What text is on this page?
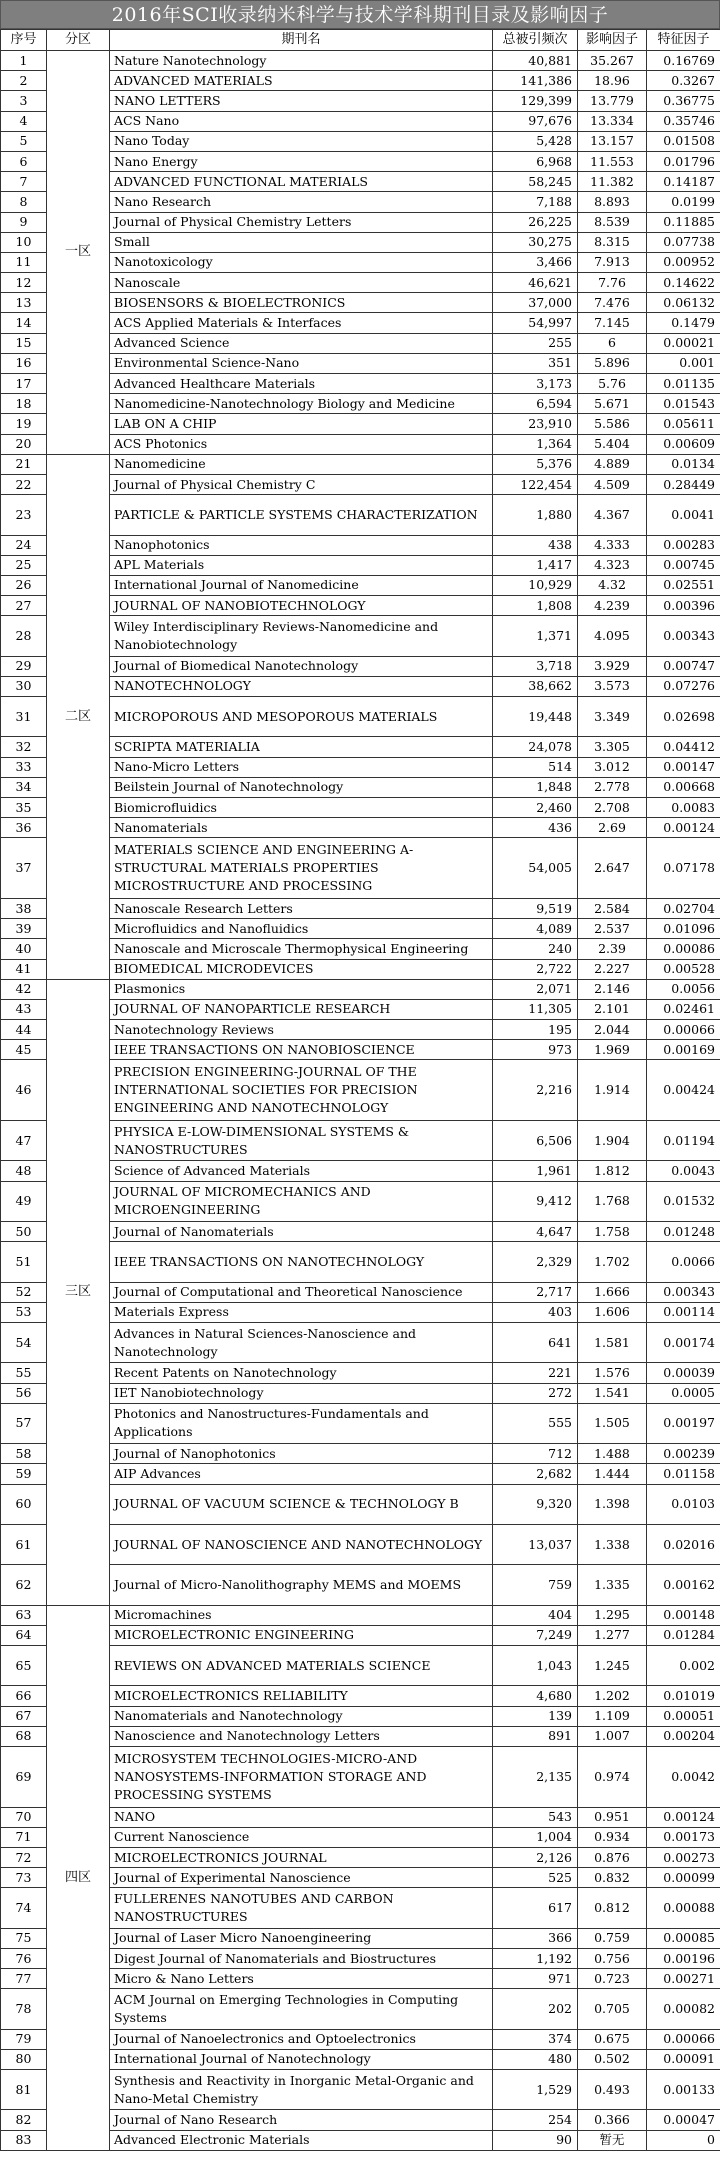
2016年SCI收录纳米科学与技术学科期刊目录及影响因子
序号	分区	期刊名	总被引频次	影响因子	特征因子
1	一区	Nature Nanotechnology	40,881	35.267	0.16769
2		ADVANCED MATERIALS	141,386	18.96	0.3267
3		NANO LETTERS	129,399	13.779	0.36775
4		ACS Nano	97,676	13.334	0.35746
5		Nano Today	5,428	13.157	0.01508
6		Nano Energy	6,968	11.553	0.01796
7		ADVANCED FUNCTIONAL MATERIALS	58,245	11.382	0.14187
8		Nano Research	7,188	8.893	0.0199
9		Journal of Physical Chemistry Letters	26,225	8.539	0.11885
10		Small	30,275	8.315	0.07738
11		Nanotoxicology	3,466	7.913	0.00952
12		Nanoscale	46,621	7.76	0.14622
13		BIOSENSORS & BIOELECTRONICS	37,000	7.476	0.06132
14		ACS Applied Materials & Interfaces	54,997	7.145	0.1479
15		Advanced Science	255	6	0.00021
16		Environmental Science-Nano	351	5.896	0.001
17		Advanced Healthcare Materials	3,173	5.76	0.01135
18		Nanomedicine-Nanotechnology Biology and Medicine	6,594	5.671	0.01543
19		LAB ON A CHIP	23,910	5.586	0.05611
20		ACS Photonics	1,364	5.404	0.00609
21	二区	Nanomedicine	5,376	4.889	0.0134
22		Journal of Physical Chemistry C	122,454	4.509	0.28449
23		PARTICLE & PARTICLE SYSTEMS CHARACTERIZATION	1,880	4.367	0.0041
24		Nanophotonics	438	4.333	0.00283
25		APL Materials	1,417	4.323	0.00745
26		International Journal of Nanomedicine	10,929	4.32	0.02551
27		JOURNAL OF NANOBIOTECHNOLOGY	1,808	4.239	0.00396
28		Wiley Interdisciplinary Reviews-Nanomedicine and Nanobiotechnology	1,371	4.095	0.00343
29		Journal of Biomedical Nanotechnology	3,718	3.929	0.00747
30		NANOTECHNOLOGY	38,662	3.573	0.07276
31		MICROPOROUS AND MESOPOROUS MATERIALS	19,448	3.349	0.02698
32		SCRIPTA MATERIALIA	24,078	3.305	0.04412
33		Nano-Micro Letters	514	3.012	0.00147
34		Beilstein Journal of Nanotechnology	1,848	2.778	0.00668
35		Biomicrofluidics	2,460	2.708	0.0083
36		Nanomaterials	436	2.69	0.00124
37		MATERIALS SCIENCE AND ENGINEERING A-STRUCTURAL MATERIALS PROPERTIES MICROSTRUCTURE AND PROCESSING	54,005	2.647	0.07178
38		Nanoscale Research Letters	9,519	2.584	0.02704
39		Microfluidics and Nanofluidics	4,089	2.537	0.01096
40		Nanoscale and Microscale Thermophysical Engineering	240	2.39	0.00086
41		BIOMEDICAL MICRODEVICES	2,722	2.227	0.00528
42	三区	Plasmonics	2,071	2.146	0.0056
43		JOURNAL OF NANOPARTICLE RESEARCH	11,305	2.101	0.02461
44		Nanotechnology Reviews	195	2.044	0.00066
45		IEEE TRANSACTIONS ON NANOBIOSCIENCE	973	1.969	0.00169
46		PRECISION ENGINEERING-JOURNAL OF THE INTERNATIONAL SOCIETIES FOR PRECISION ENGINEERING AND NANOTECHNOLOGY	2,216	1.914	0.00424
47		PHYSICA E-LOW-DIMENSIONAL SYSTEMS & NANOSTRUCTURES	6,506	1.904	0.01194
48		Science of Advanced Materials	1,961	1.812	0.0043
49		JOURNAL OF MICROMECHANICS AND MICROENGINEERING	9,412	1.768	0.01532
50		Journal of Nanomaterials	4,647	1.758	0.01248
51		IEEE TRANSACTIONS ON NANOTECHNOLOGY	2,329	1.702	0.0066
52		Journal of Computational and Theoretical Nanoscience	2,717	1.666	0.00343
53		Materials Express	403	1.606	0.00114
54		Advances in Natural Sciences-Nanoscience and Nanotechnology	641	1.581	0.00174
55		Recent Patents on Nanotechnology	221	1.576	0.00039
56		IET Nanobiotechnology	272	1.541	0.0005
57		Photonics and Nanostructures-Fundamentals and Applications	555	1.505	0.00197
58		Journal of Nanophotonics	712	1.488	0.00239
59		AIP Advances	2,682	1.444	0.01158
60		JOURNAL OF VACUUM SCIENCE & TECHNOLOGY B	9,320	1.398	0.0103
61		JOURNAL OF NANOSCIENCE AND NANOTECHNOLOGY	13,037	1.338	0.02016
62		Journal of Micro-Nanolithography MEMS and MOEMS	759	1.335	0.00162
63	四区	Micromachines	404	1.295	0.00148
64		MICROELECTRONIC ENGINEERING	7,249	1.277	0.01284
65		REVIEWS ON ADVANCED MATERIALS SCIENCE	1,043	1.245	0.002
66		MICROELECTRONICS RELIABILITY	4,680	1.202	0.01019
67		Nanomaterials and Nanotechnology	139	1.109	0.00051
68		Nanoscience and Nanotechnology Letters	891	1.007	0.00204
69		MICROSYSTEM TECHNOLOGIES-MICRO-AND NANOSYSTEMS-INFORMATION STORAGE AND PROCESSING SYSTEMS	2,135	0.974	0.0042
70		NANO	543	0.951	0.00124
71		Current Nanoscience	1,004	0.934	0.00173
72		MICROELECTRONICS JOURNAL	2,126	0.876	0.00273
73		Journal of Experimental Nanoscience	525	0.832	0.00099
74		FULLERENES NANOTUBES AND CARBON NANOSTRUCTURES	617	0.812	0.00088
75		Journal of Laser Micro Nanoengineering	366	0.759	0.00085
76		Digest Journal of Nanomaterials and Biostructures	1,192	0.756	0.00196
77		Micro & Nano Letters	971	0.723	0.00271
78		ACM Journal on Emerging Technologies in Computing Systems	202	0.705	0.00082
79		Journal of Nanoelectronics and Optoelectronics	374	0.675	0.00066
80		International Journal of Nanotechnology	480	0.502	0.00091
81		Synthesis and Reactivity in Inorganic Metal-Organic and Nano-Metal Chemistry	1,529	0.493	0.00133
82		Journal of Nano Research	254	0.366	0.00047
83		Advanced Electronic Materials	90	暂无	0
